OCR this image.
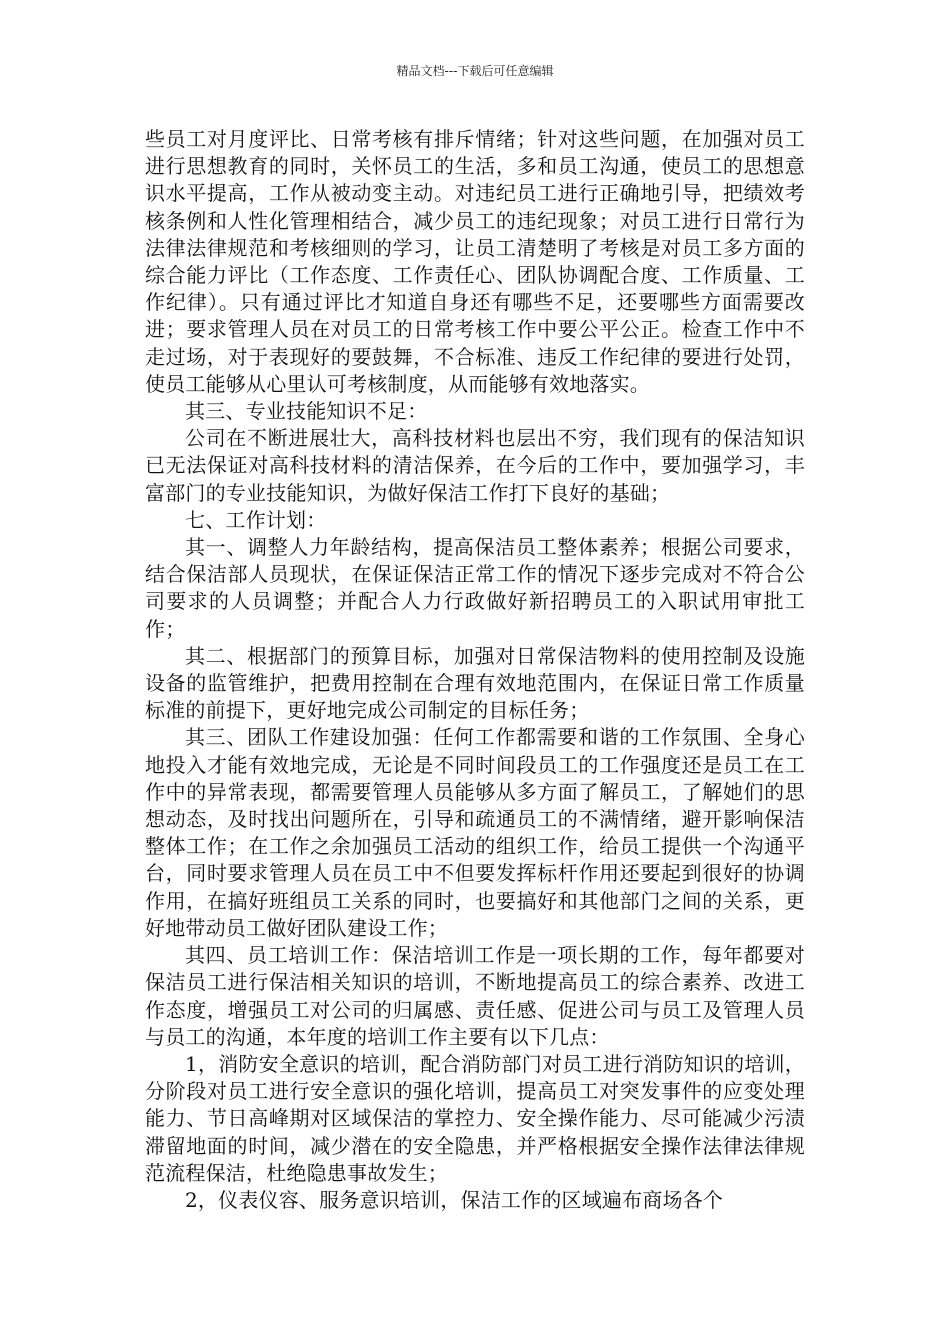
精品文档---下载后可任意编辑

些员工对月度评比、日常考核有排斥情绪；针对这些问题，在加强对员工进行思想教育的同时，关怀员工的生活，多和员工沟通，使员工的思想意识水平提高，工作从被动变主动。对违纪员工进行正确地引导，把绩效考核条例和人性化管理相结合，减少员工的违纪现象；对员工进行日常行为法律法律规范和考核细则的学习，让员工清楚明了考核是对员工多方面的综合能力评比（工作态度、工作责任心、团队协调配合度、工作质量、工作纪律）。只有通过评比才知道自身还有哪些不足，还要哪些方面需要改进；要求管理人员在对员工的日常考核工作中要公平公正。检查工作中不走过场，对于表现好的要鼓舞，不合标准、违反工作纪律的要进行处罚，使员工能够从心里认可考核制度，从而能够有效地落实。

其三、专业技能知识不足：

公司在不断进展壮大，高科技材料也层出不穷，我们现有的保洁知识已无法保证对高科技材料的清洁保养，在今后的工作中，要加强学习，丰富部门的专业技能知识，为做好保洁工作打下良好的基础；

七、工作计划：

其一、调整人力年龄结构，提高保洁员工整体素养；根据公司要求，结合保洁部人员现状，在保证保洁正常工作的情况下逐步完成对不符合公司要求的人员调整；并配合人力行政做好新招聘员工的入职试用审批工作；

其二、根据部门的预算目标，加强对日常保洁物料的使用控制及设施设备的监管维护，把费用控制在合理有效地范围内，在保证日常工作质量标准的前提下，更好地完成公司制定的目标任务；

其三、团队工作建设加强：任何工作都需要和谐的工作氛围、全身心地投入才能有效地完成，无论是不同时间段员工的工作强度还是员工在工作中的异常表现，都需要管理人员能够从多方面了解员工，了解她们的思想动态，及时找出问题所在，引导和疏通员工的不满情绪，避开影响保洁整体工作；在工作之余加强员工活动的组织工作，给员工提供一个沟通平台，同时要求管理人员在员工中不但要发挥标杆作用还要起到很好的协调作用，在搞好班组员工关系的同时，也要搞好和其他部门之间的关系，更好地带动员工做好团队建设工作；

其四、员工培训工作：保洁培训工作是一项长期的工作，每年都要对保洁员工进行保洁相关知识的培训，不断地提高员工的综合素养、改进工作态度，增强员工对公司的归属感、责任感、促进公司与员工及管理人员与员工的沟通，本年度的培训工作主要有以下几点：

1，消防安全意识的培训，配合消防部门对员工进行消防知识的培训，分阶段对员工进行安全意识的强化培训，提高员工对突发事件的应变处理能力、节日高峰期对区域保洁的掌控力、安全操作能力、尽可能减少污渍滞留地面的时间，减少潜在的安全隐患，并严格根据安全操作法律法律规范流程保洁，杜绝隐患事故发生；

2，仪表仪容、服务意识培训，保洁工作的区域遍布商场各个
